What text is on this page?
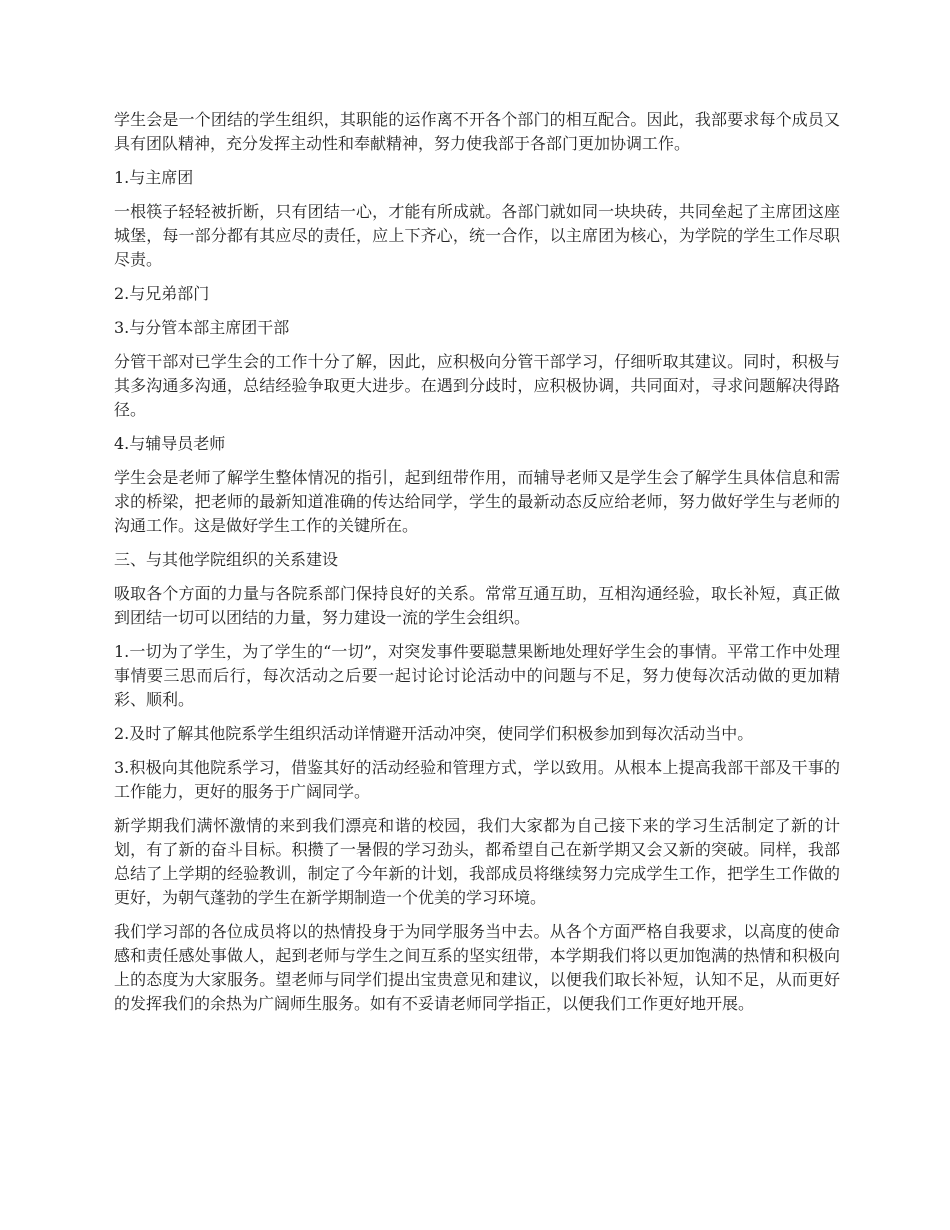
学生会是一个团结的学生组织，其职能的运作离不开各个部门的相互配合。因此，我部要求每个成员又具有团队精神，充分发挥主动性和奉献精神，努力使我部于各部门更加协调工作。

1.与主席团

一根筷子轻轻被折断，只有团结一心，才能有所成就。各部门就如同一块块砖，共同垒起了主席团这座城堡，每一部分都有其应尽的责任，应上下齐心，统一合作，以主席团为核心，为学院的学生工作尽职尽责。

2.与兄弟部门

3.与分管本部主席团干部

分管干部对已学生会的工作十分了解，因此，应积极向分管干部学习，仔细听取其建议。同时，积极与其多沟通多沟通，总结经验争取更大进步。在遇到分歧时，应积极协调，共同面对，寻求问题解决得路径。

4.与辅导员老师

学生会是老师了解学生整体情况的指引，起到纽带作用，而辅导老师又是学生会了解学生具体信息和需求的桥梁，把老师的最新知道准确的传达给同学，学生的最新动态反应给老师，努力做好学生与老师的沟通工作。这是做好学生工作的关键所在。

三、与其他学院组织的关系建设

吸取各个方面的力量与各院系部门保持良好的关系。常常互通互助，互相沟通经验，取长补短，真正做到团结一切可以团结的力量，努力建设一流的学生会组织。

1.一切为了学生，为了学生的“一切”，对突发事件要聪慧果断地处理好学生会的事情。平常工作中处理事情要三思而后行，每次活动之后要一起讨论讨论活动中的问题与不足，努力使每次活动做的更加精彩、顺利。

2.及时了解其他院系学生组织活动详情避开活动冲突，使同学们积极参加到每次活动当中。

3.积极向其他院系学习，借鉴其好的活动经验和管理方式，学以致用。从根本上提高我部干部及干事的工作能力，更好的服务于广阔同学。

新学期我们满怀激情的来到我们漂亮和谐的校园，我们大家都为自己接下来的学习生活制定了新的计划，有了新的奋斗目标。积攒了一暑假的学习劲头，都希望自己在新学期又会又新的突破。同样，我部总结了上学期的经验教训，制定了今年新的计划，我部成员将继续努力完成学生工作，把学生工作做的更好，为朝气蓬勃的学生在新学期制造一个优美的学习环境。

我们学习部的各位成员将以的热情投身于为同学服务当中去。从各个方面严格自我要求，以高度的使命感和责任感处事做人，起到老师与学生之间互系的坚实纽带，本学期我们将以更加饱满的热情和积极向上的态度为大家服务。望老师与同学们提出宝贵意见和建议，以便我们取长补短，认知不足，从而更好的发挥我们的余热为广阔师生服务。如有不妥请老师同学指正，以便我们工作更好地开展。
